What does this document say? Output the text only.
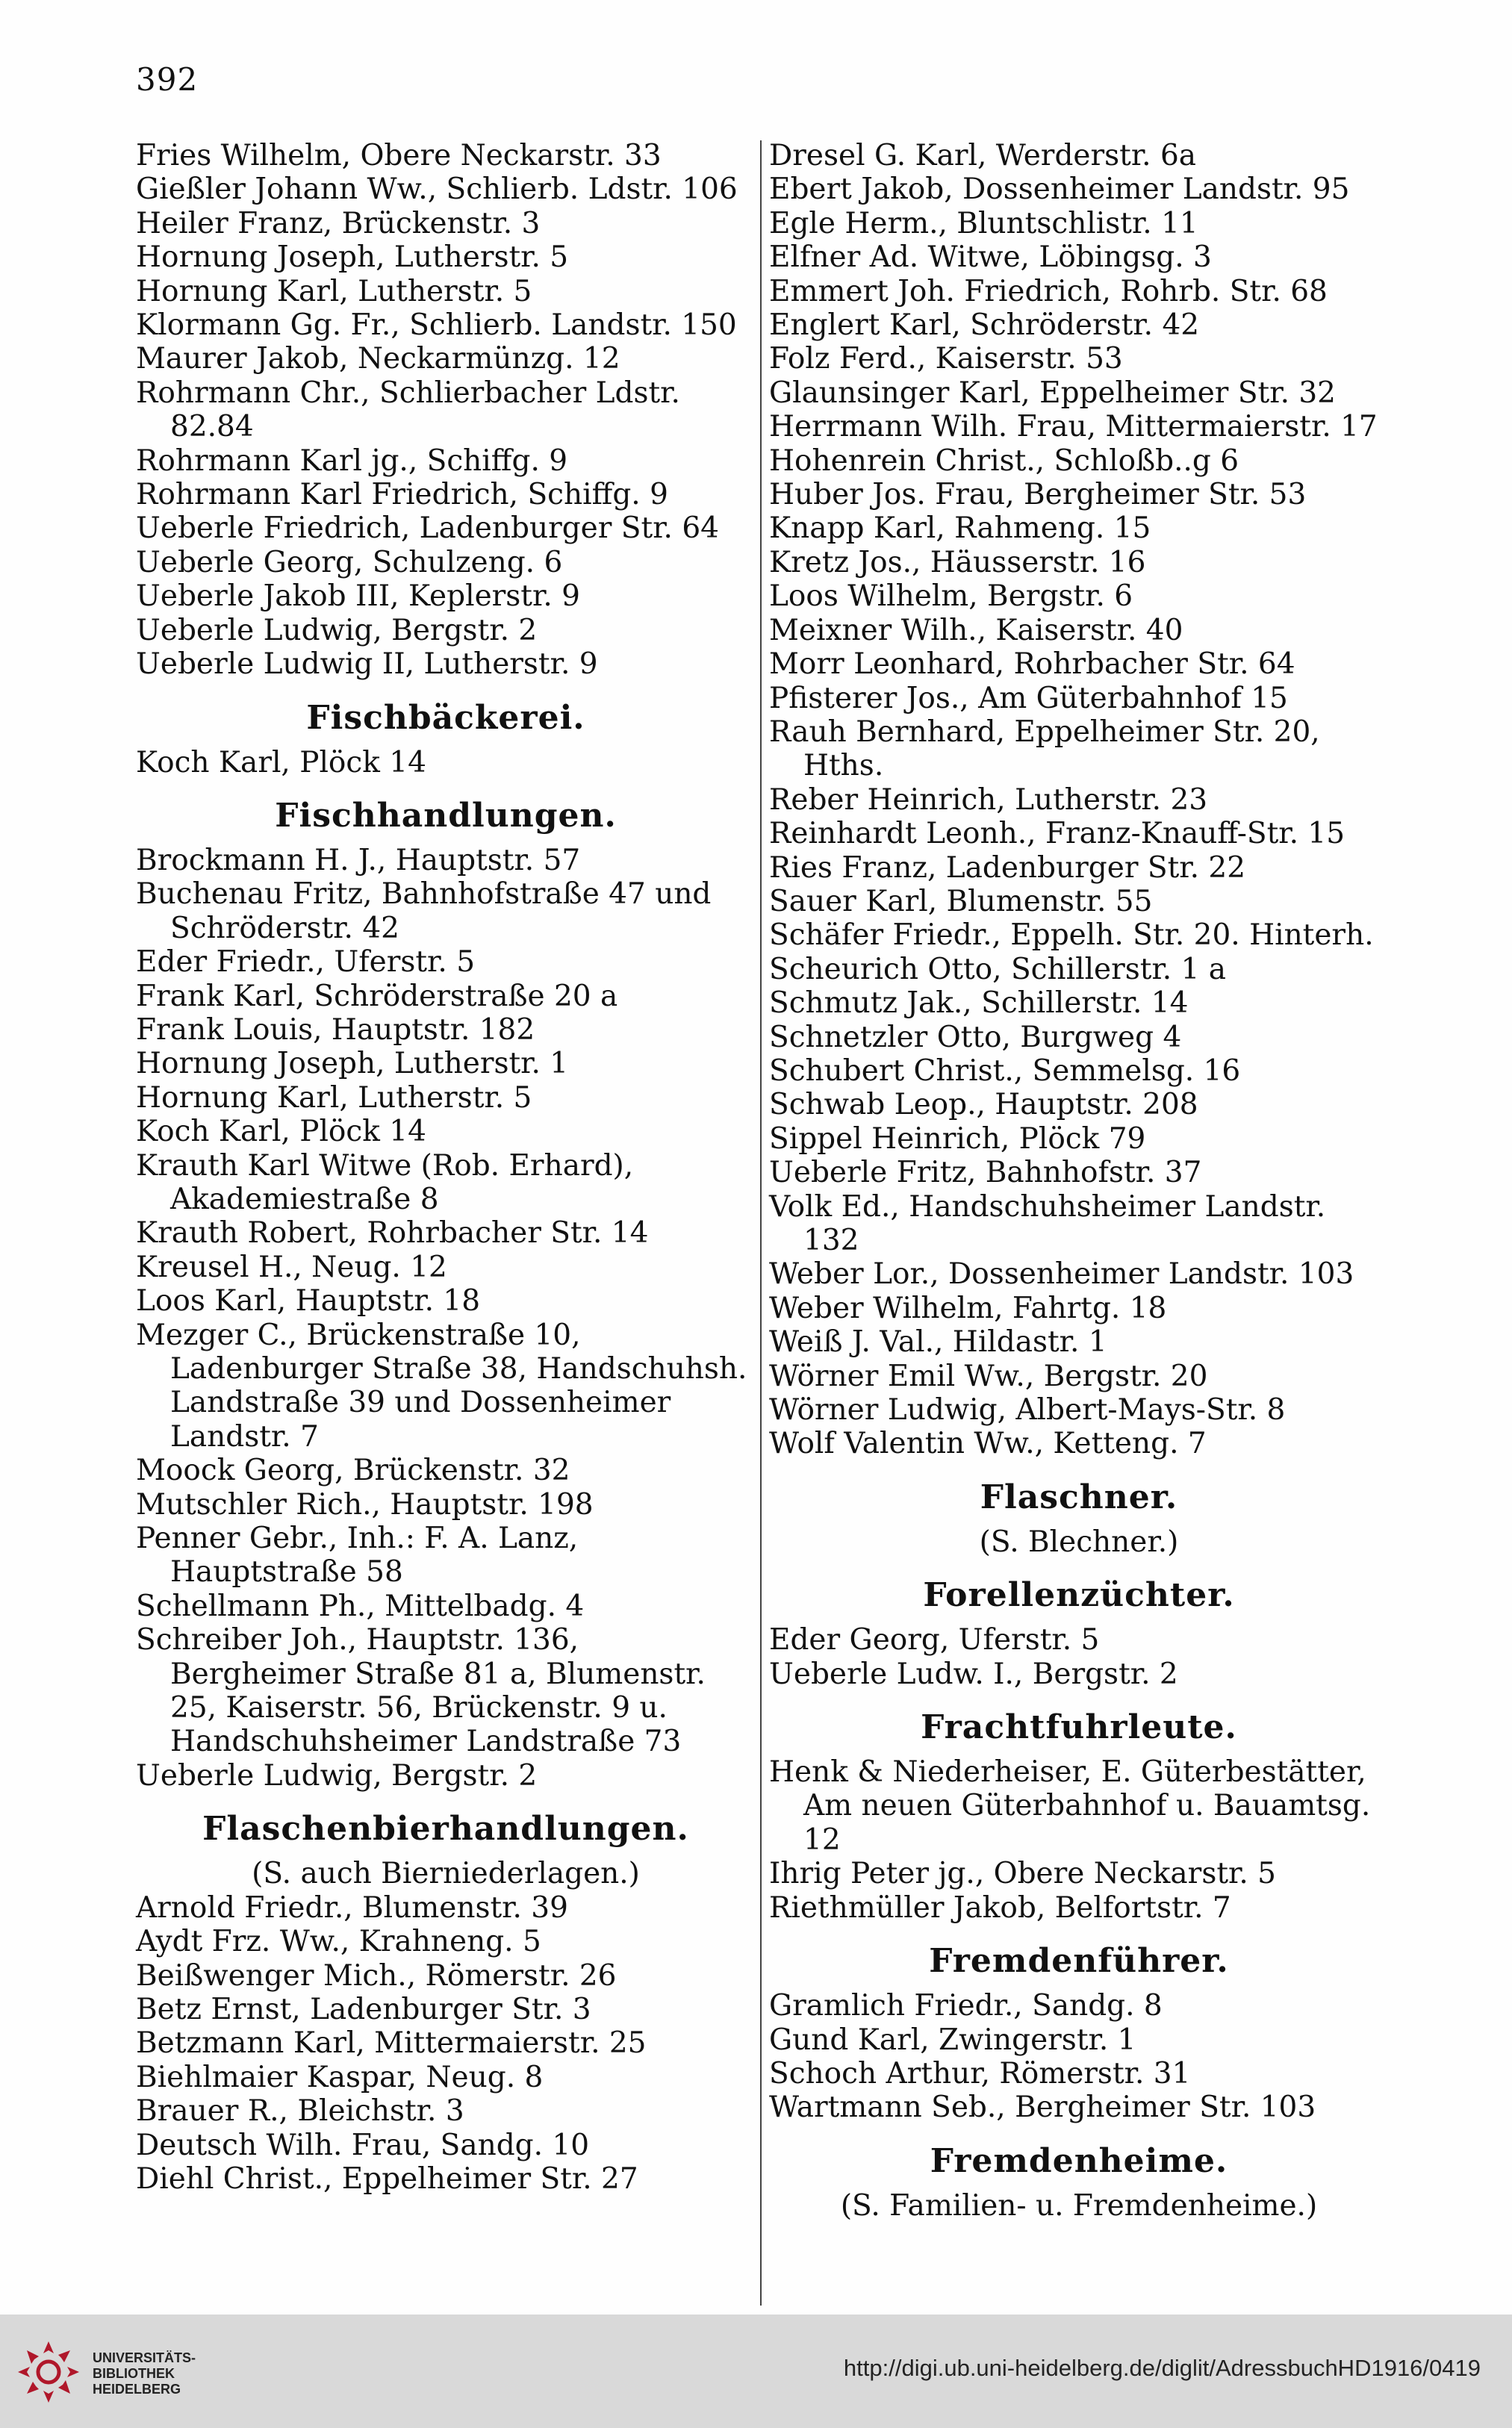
392
Fries Wilhelm, Obere Neckarstr. 33
Gießler Johann Ww., Schlierb. Ldstr. 106
Heiler Franz, Brückenstr. 3
Hornung Joseph, Lutherstr. 5
Hornung Karl, Lutherstr. 5
Klormann Gg. Fr., Schlierb. Landstr. 150
Maurer Jakob, Neckarmünzg. 12
Rohrmann Chr., Schlierbacher Ldstr. 82.84
Rohrmann Karl jg., Schiffg. 9
Rohrmann Karl Friedrich, Schiffg. 9
Ueberle Friedrich, Ladenburger Str. 64
Ueberle Georg, Schulzeng. 6
Ueberle Jakob III, Keplerstr. 9
Ueberle Ludwig, Bergstr. 2
Ueberle Ludwig II, Lutherstr. 9
Fischbäckerei.
Koch Karl, Plöck 14
Fischhandlungen.
Brockmann H. J., Hauptstr. 57
Buchenau Fritz, Bahnhofstraße 47 und Schröderstr. 42
Eder Friedr., Uferstr. 5
Frank Karl, Schröderstraße 20 a
Frank Louis, Hauptstr. 182
Hornung Joseph, Lutherstr. 1
Hornung Karl, Lutherstr. 5
Koch Karl, Plöck 14
Krauth Karl Witwe (Rob. Erhard), Akademiestraße 8
Krauth Robert, Rohrbacher Str. 14
Kreusel H., Neug. 12
Loos Karl, Hauptstr. 18
Mezger C., Brückenstraße 10, Ladenburger Straße 38, Handschuhsh. Landstraße 39 und Dossenheimer Landstr. 7
Moock Georg, Brückenstr. 32
Mutschler Rich., Hauptstr. 198
Penner Gebr., Inh.: F. A. Lanz, Hauptstraße 58
Schellmann Ph., Mittelbadg. 4
Schreiber Joh., Hauptstr. 136, Bergheimer Straße 81 a, Blumenstr. 25, Kaiserstr. 56, Brückenstr. 9 u. Handschuhsheimer Landstraße 73
Ueberle Ludwig, Bergstr. 2
Flaschenbierhandlungen.
(S. auch Bierniederlagen.)
Arnold Friedr., Blumenstr. 39
Aydt Frz. Ww., Krahneng. 5
Beißwenger Mich., Römerstr. 26
Betz Ernst, Ladenburger Str. 3
Betzmann Karl, Mittermaierstr. 25
Biehlmaier Kaspar, Neug. 8
Brauer R., Bleichstr. 3
Deutsch Wilh. Frau, Sandg. 10
Diehl Christ., Eppelheimer Str. 27
Dresel G. Karl, Werderstr. 6a
Ebert Jakob, Dossenheimer Landstr. 95
Egle Herm., Bluntschlistr. 11
Elfner Ad. Witwe, Löbingsg. 3
Emmert Joh. Friedrich, Rohrb. Str. 68
Englert Karl, Schröderstr. 42
Folz Ferd., Kaiserstr. 53
Glaunsinger Karl, Eppelheimer Str. 32
Herrmann Wilh. Frau, Mittermaierstr. 17
Hohenrein Christ., Schloßb..g 6
Huber Jos. Frau, Bergheimer Str. 53
Knapp Karl, Rahmeng. 15
Kretz Jos., Häusserstr. 16
Loos Wilhelm, Bergstr. 6
Meixner Wilh., Kaiserstr. 40
Morr Leonhard, Rohrbacher Str. 64
Pfisterer Jos., Am Güterbahnhof 15
Rauh Bernhard, Eppelheimer Str. 20, Hths.
Reber Heinrich, Lutherstr. 23
Reinhardt Leonh., Franz-Knauff-Str. 15
Ries Franz, Ladenburger Str. 22
Sauer Karl, Blumenstr. 55
Schäfer Friedr., Eppelh. Str. 20. Hinterh.
Scheurich Otto, Schillerstr. 1 a
Schmutz Jak., Schillerstr. 14
Schnetzler Otto, Burgweg 4
Schubert Christ., Semmelsg. 16
Schwab Leop., Hauptstr. 208
Sippel Heinrich, Plöck 79
Ueberle Fritz, Bahnhofstr. 37
Volk Ed., Handschuhsheimer Landstr. 132
Weber Lor., Dossenheimer Landstr. 103
Weber Wilhelm, Fahrtg. 18
Weiß J. Val., Hildastr. 1
Wörner Emil Ww., Bergstr. 20
Wörner Ludwig, Albert-Mays-Str. 8
Wolf Valentin Ww., Ketteng. 7
Flaschner.
(S. Blechner.)
Forellenzüchter.
Eder Georg, Uferstr. 5
Ueberle Ludw. I., Bergstr. 2
Frachtfuhrleute.
Henk & Niederheiser, E. Güterbestätter, Am neuen Güterbahnhof u. Bauamtsg. 12
Ihrig Peter jg., Obere Neckarstr. 5
Riethmüller Jakob, Belfortstr. 7
Fremdenführer.
Gramlich Friedr., Sandg. 8
Gund Karl, Zwingerstr. 1
Schoch Arthur, Römerstr. 31
Wartmann Seb., Bergheimer Str. 103
Fremdenheime.
(S. Familien- u. Fremdenheime.)
UNIVERSITÄTS-
BIBLIOTHEK
HEIDELBERG
http://digi.ub.uni-heidelberg.de/diglit/AdressbuchHD1916/0419
